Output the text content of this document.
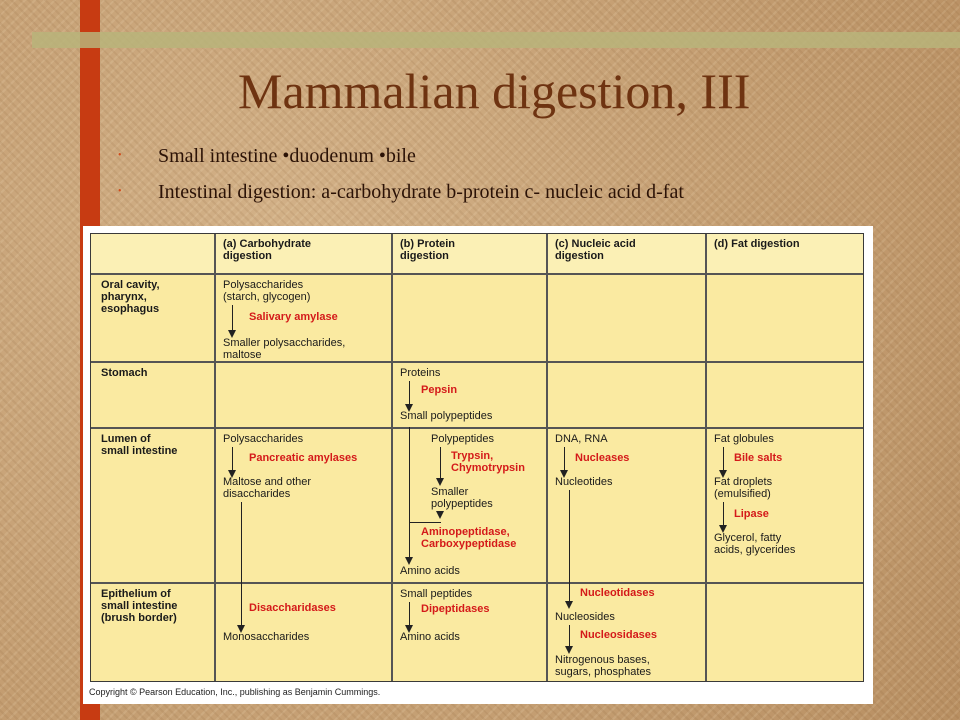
Mammalian digestion, III
•	Small intestine •duodenum •bile
•	Intestinal digestion: a-carbohydrate b-protein c- nucleic acid d-fat
(a) Carbohydrate
digestion
(b) Protein
digestion
(c) Nucleic acid
digestion
(d) Fat digestion
Oral cavity,
pharynx,
esophagus
Stomach
Lumen of
small intestine
Epithelium of
small intestine
(brush border)
Polysaccharides
(starch, glycogen)
Salivary amylase
Smaller polysaccharides,
maltose
Proteins
Pepsin
Small polypeptides
Polysaccharides
Pancreatic amylases
Maltose and other
disaccharides
Polypeptides
Trypsin,
Chymotrypsin
Smaller
polypeptides
Aminopeptidase,
Carboxypeptidase
Amino acids
DNA, RNA
Nucleases
Nucleotides
Fat globules
Bile salts
Fat droplets
(emulsified)
Lipase
Glycerol, fatty
acids, glycerides
Disaccharidases
Monosaccharides
Small peptides
Dipeptidases
Amino acids
Nucleotidases
Nucleosides
Nucleosidases
Nitrogenous bases,
sugars, phosphates
Copyright © Pearson Education, Inc., publishing as Benjamin Cummings.
